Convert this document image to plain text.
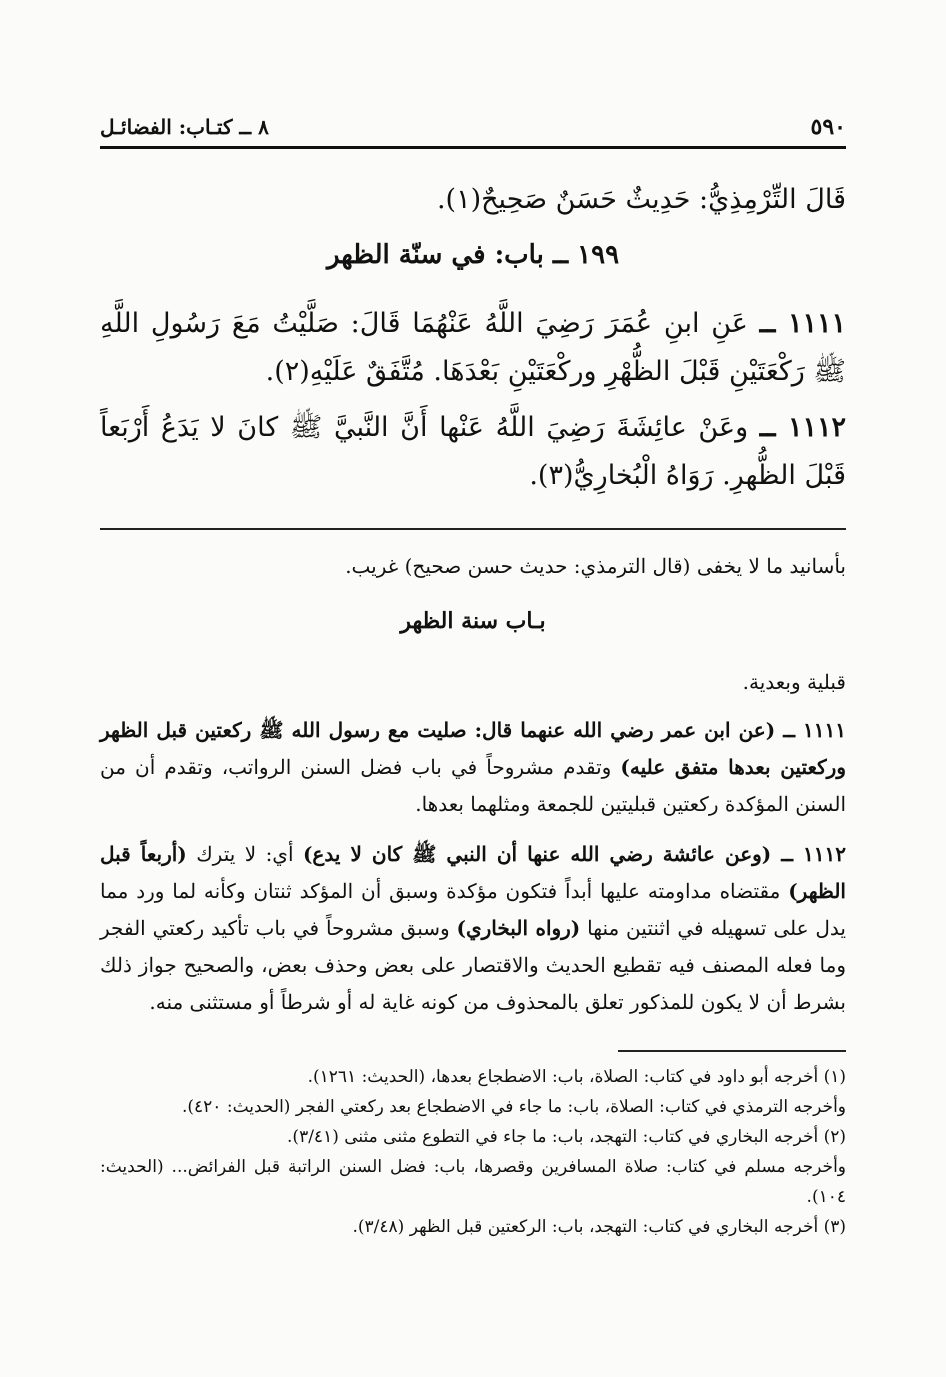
٥٩٠
٨ ــ كتـاب: الفضائـل
قَالَ التِّرْمِذِيُّ: حَدِيثٌ حَسَنٌ صَحِيحٌ(١).
١٩٩ ــ باب: في سنّة الظهر
١١١١ ــ عَنِ ابنِ عُمَرَ رَضِيَ اللَّهُ عَنْهُمَا قَالَ: صَلَّيْتُ مَعَ رَسُولِ اللَّهِ ﷺ رَكْعَتَيْنِ قَبْلَ الظُّهْرِ وركْعَتَيْنِ بَعْدَهَا. مُتَّفَقٌ عَلَيْهِ(٢).
١١١٢ ــ وعَنْ عائِشَةَ رَضِيَ اللَّهُ عَنْها أَنَّ النَّبيَّ ﷺ كانَ لا يَدَعُ أَرْبَعاً قَبْلَ الظُّهرِ. رَوَاهُ الْبُخارِيُّ(٣).
بأسانيد ما لا يخفى (قال الترمذي: حديث حسن صحيح) غريب.
بـاب سنة الظهر
قبلية وبعدية.
١١١١ ــ (عن ابن عمر رضي الله عنهما قال: صليت مع رسول الله ﷺ ركعتين قبل الظهر وركعتين بعدها متفق عليه) وتقدم مشروحاً في باب فضل السنن الرواتب، وتقدم أن من السنن المؤكدة ركعتين قبليتين للجمعة ومثلهما بعدها.
١١١٢ ــ (وعن عائشة رضي الله عنها أن النبي ﷺ كان لا يدع) أي: لا يترك (أربعاً قبل الظهر) مقتضاه مداومته عليها أبداً فتكون مؤكدة وسبق أن المؤكد ثنتان وكأنه لما ورد مما يدل على تسهيله في اثنتين منها (رواه البخاري) وسبق مشروحاً في باب تأكيد ركعتي الفجر وما فعله المصنف فيه تقطيع الحديث والاقتصار على بعض وحذف بعض، والصحيح جواز ذلك بشرط أن لا يكون للمذكور تعلق بالمحذوف من كونه غاية له أو شرطاً أو مستثنى منه.
(١) أخرجه أبو داود في كتاب: الصلاة، باب: الاضطجاع بعدها، (الحديث: ١٢٦١).
وأخرجه الترمذي في كتاب: الصلاة، باب: ما جاء في الاضطجاع بعد ركعتي الفجر (الحديث: ٤٢٠).
(٢) أخرجه البخاري في كتاب: التهجد، باب: ما جاء في التطوع مثنى مثنى (٣/٤١).
وأخرجه مسلم في كتاب: صلاة المسافرين وقصرها، باب: فضل السنن الراتبة قبل الفرائض... (الحديث: ١٠٤).
(٣) أخرجه البخاري في كتاب: التهجد، باب: الركعتين قبل الظهر (٣/٤٨).
